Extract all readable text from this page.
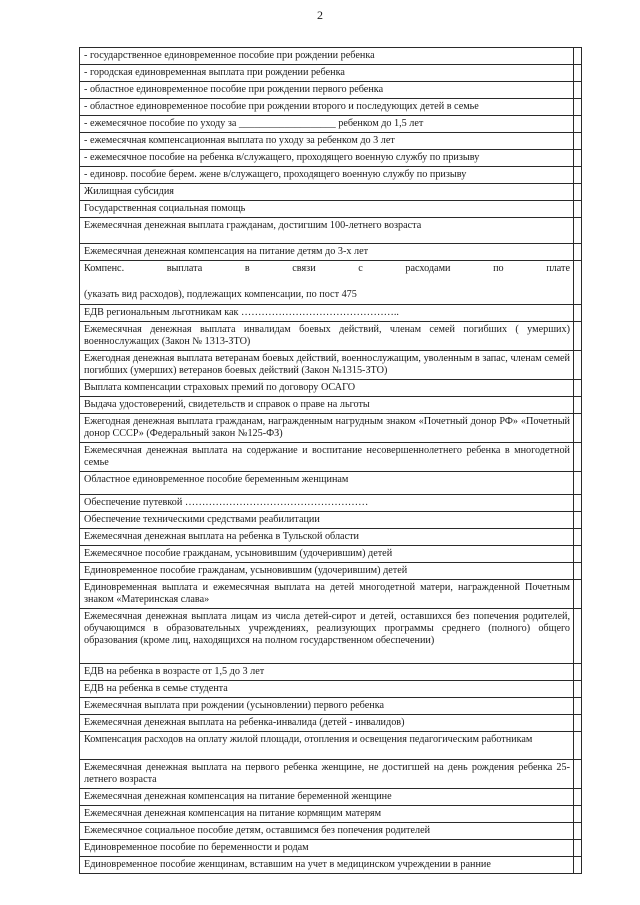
2
- государственное единовременное пособие при рождении ребенка	

- городская единовременная выплата при рождении ребенка	

- областное единовременное пособие при рождении первого ребенка	

- областное единовременное пособие при рождении второго и последующих детей в семье	

- ежемесячное пособие по уходу за ___________________ ребенком до 1,5 лет	

- ежемесячная компенсационная выплата по уходу за ребенком до 3 лет	

- ежемесячное пособие на ребенка в/служащего, проходящего военную службу по призыву	

- единовр. пособие берем. жене в/служащего, проходящего военную службу по призыву	

Жилищная субсидия	

Государственная социальная помощь	

Ежемесячная денежная выплата гражданам, достигшим 100-летнего возраста	

Ежемесячная денежная компенсация на питание детям до 3-х лет	

Компенс. выплата в связи с расходами по плате
(указать вид расходов), подлежащих компенсации, по пост 475	

ЕДВ региональным льготникам как ………………………………………..	

Ежемесячная денежная выплата инвалидам боевых действий, членам семей погибших ( умерших) военнослужащих (Закон № 1313-ЗТО)	

Ежегодная денежная выплата ветеранам боевых действий, военнослужащим, уволенным в запас, членам семей погибших (умерших) ветеранов боевых действий (Закон №1315-ЗТО)	

Выплата компенсации страховых премий по договору ОСАГО	

Выдача удостоверений, свидетельств и справок о праве на льготы	

Ежегодная денежная выплата гражданам, награжденным нагрудным знаком «Почетный донор РФ» «Почетный донор СССР» (Федеральный закон №125-ФЗ)	

Ежемесячная денежная выплата на содержание и воспитание несовершеннолетнего ребенка в многодетной семье	

Областное единовременное пособие беременным женщинам	

Обеспечение путевкой ………………………………………………	

Обеспечение техническими средствами реабилитации	

Ежемесячная денежная выплата на ребенка в Тульской области	

Ежемесячное пособие гражданам, усыновившим (удочерившим) детей	

Единовременное пособие гражданам, усыновившим (удочерившим) детей	

Единовременная выплата и ежемесячная выплата на детей многодетной матери, награжденной Почетным знаком «Материнская слава»	

Ежемесячная денежная выплата лицам из числа детей-сирот и детей, оставшихся без попечения родителей, обучающимся в образовательных учреждениях, реализующих программы среднего (полного) общего образования (кроме лиц, находящихся на полном государственном обеспечении)	

ЕДВ на ребенка в возрасте от 1,5 до 3 лет	

ЕДВ на ребенка в семье студента	

Ежемесячная выплата при рождении (усыновлении) первого ребенка	

Ежемесячная денежная выплата на ребенка-инвалида (детей - инвалидов)	

Компенсация расходов на оплату жилой площади, отопления и освещения педагогическим работникам	

Ежемесячная денежная выплата на первого ребенка женщине, не достигшей на день рождения ребенка 25-летнего возраста	

Ежемесячная денежная компенсация на питание беременной женщине	

Ежемесячная денежная компенсация на питание кормящим матерям	

Ежемесячное социальное пособие детям, оставшимся без попечения родителей	

Единовременное пособие по беременности и родам	

Единовременное пособие женщинам, вставшим на учет в медицинском учреждении в ранние	
